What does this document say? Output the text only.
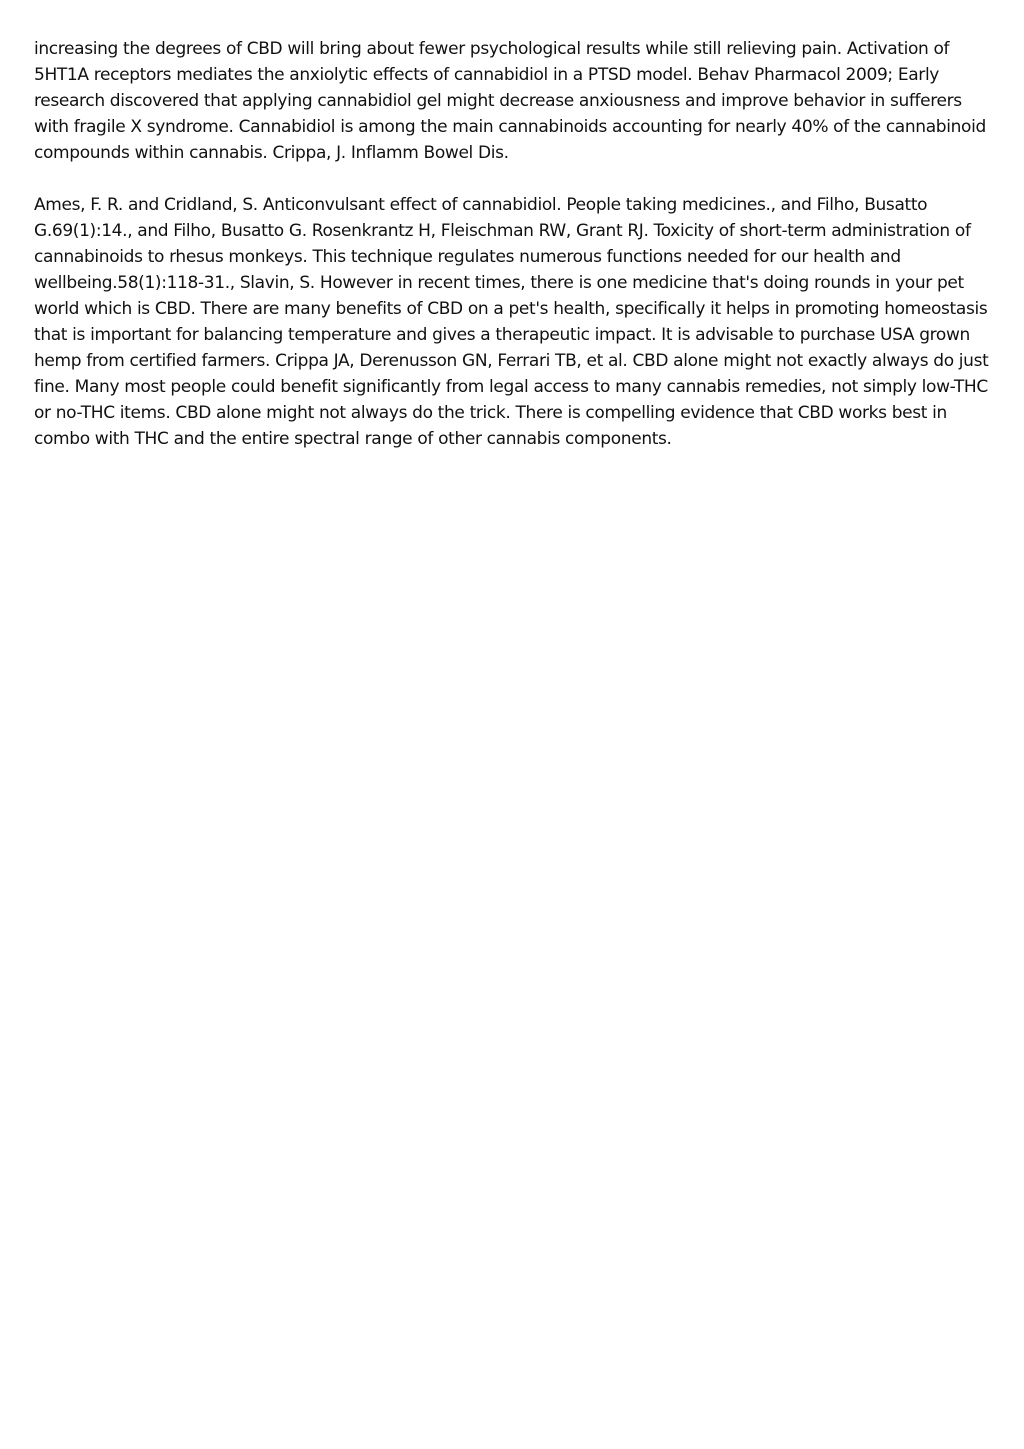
increasing the degrees of CBD will bring about fewer psychological results while still relieving pain. Activation of 5HT1A receptors mediates the anxiolytic effects of cannabidiol in a PTSD model. Behav Pharmacol 2009; Early research discovered that applying cannabidiol gel might decrease anxiousness and improve behavior in sufferers with fragile X syndrome. Cannabidiol is among the main cannabinoids accounting for nearly 40% of the cannabinoid compounds within cannabis. Crippa, J. Inflamm Bowel Dis.

Ames, F. R. and Cridland, S. Anticonvulsant effect of cannabidiol. People taking medicines., and Filho, Busatto G.69(1):14., and Filho, Busatto G. Rosenkrantz H, Fleischman RW, Grant RJ. Toxicity of short-term administration of cannabinoids to rhesus monkeys. This technique regulates numerous functions needed for our health and wellbeing.58(1):118-31., Slavin, S. However in recent times, there is one medicine that's doing rounds in your pet world which is CBD. There are many benefits of CBD on a pet's health, specifically it helps in promoting homeostasis that is important for balancing temperature and gives a therapeutic impact. It is advisable to purchase USA grown hemp from certified farmers. Crippa JA, Derenusson GN, Ferrari TB, et al. CBD alone might not exactly always do just fine. Many most people could benefit significantly from legal access to many cannabis remedies, not simply low-THC or no-THC items. CBD alone might not always do the trick. There is compelling evidence that CBD works best in combo with THC and the entire spectral range of other cannabis components.
